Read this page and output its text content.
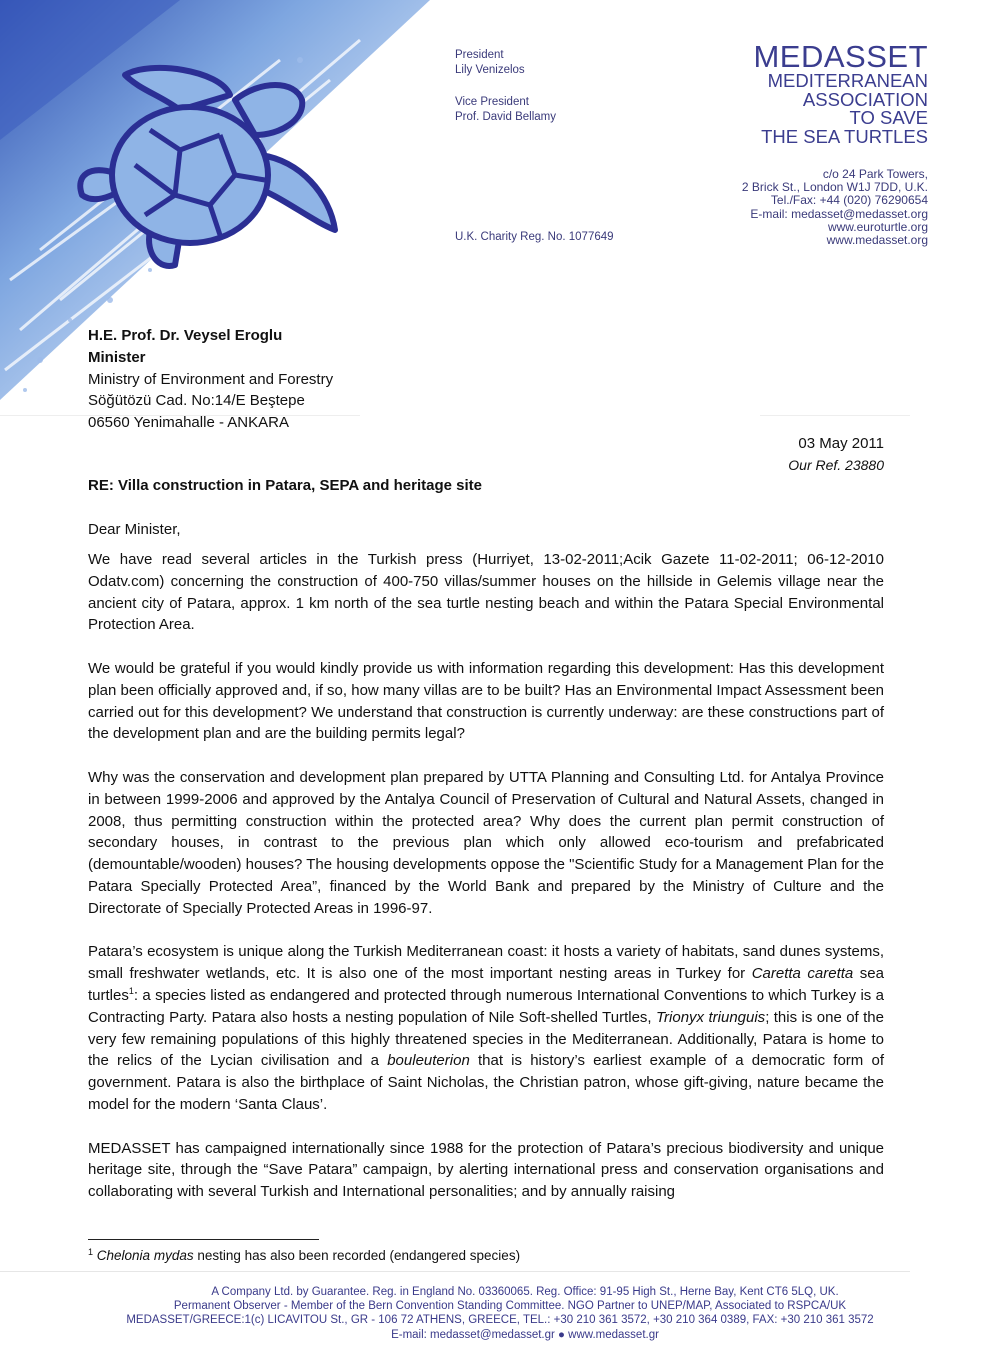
President
Lily Venizelos
Vice President
Prof. David Bellamy
U.K. Charity Reg. No. 1077649
MEDASSET
MEDITERRANEAN
ASSOCIATION
TO SAVE
THE SEA TURTLES
c/o 24 Park Towers,
2 Brick St., London W1J 7DD, U.K.
Tel./Fax: +44 (020) 76290654
E-mail: medasset@medasset.org
www.euroturtle.org
www.medasset.org
H.E. Prof. Dr. Veysel Eroglu
Minister
Ministry of Environment and Forestry
Söğütözü Cad. No:14/E Beştepe
06560 Yenimahalle - ANKARA
03 May 2011
Our Ref. 23880
RE: Villa construction in Patara, SEPA and heritage site
Dear Minister,

We have read several articles in the Turkish press (Hurriyet, 13-02-2011;Acik Gazete 11-02-2011; 06-12-2010 Odatv.com) concerning the construction of 400-750 villas/summer houses on the hillside in Gelemis village near the ancient city of Patara, approx. 1 km north of the sea turtle nesting beach and within the Patara Special Environmental Protection Area.

We would be grateful if you would kindly provide us with information regarding this development: Has this development plan been officially approved and, if so, how many villas are to be built? Has an Environmental Impact Assessment been carried out for this development? We understand that construction is currently underway: are these constructions part of the development plan and are the building permits legal?

Why was the conservation and development plan prepared by UTTA Planning and Consulting Ltd. for Antalya Province in between 1999-2006 and approved by the Antalya Council of Preservation of Cultural and Natural Assets, changed in 2008, thus permitting construction within the protected area? Why does the current plan permit construction of secondary houses, in contrast to the previous plan which only allowed eco-tourism and prefabricated (demountable/wooden) houses? The housing developments oppose the "Scientific Study for a Management Plan for the Patara Specially Protected Area”, financed by the World Bank and prepared by the Ministry of Culture and the Directorate of Specially Protected Areas in 1996-97.

Patara’s ecosystem is unique along the Turkish Mediterranean coast: it hosts a variety of habitats, sand dunes systems, small freshwater wetlands, etc. It is also one of the most important nesting areas in Turkey for Caretta caretta sea turtles$^1$: a species listed as endangered and protected through numerous International Conventions to which Turkey is a Contracting Party. Patara also hosts a nesting population of Nile Soft-shelled Turtles, Trionyx triunguis; this is one of the very few remaining populations of this highly threatened species in the Mediterranean. Additionally, Patara is home to the relics of the Lycian civilisation and a bouleuterion that is history’s earliest example of a democratic form of government. Patara is also the birthplace of Saint Nicholas, the Christian patron, whose gift-giving, nature became the model for the modern ‘Santa Claus’.

MEDASSET has campaigned internationally since 1988 for the protection of Patara’s precious biodiversity and unique heritage site, through the “Save Patara” campaign, by alerting international press and conservation organisations and collaborating with several Turkish and International personalities; and by annually raising

$^1$ Chelonia mydas nesting has also been recorded (endangered species)
A Company Ltd. by Guarantee. Reg. in England No. 03360065. Reg. Office: 91-95 High St., Herne Bay, Kent CT6 5LQ, UK.
Permanent Observer - Member of the Bern Convention Standing Committee. NGO Partner to UNEP/MAP, Associated to RSPCA/UK
MEDASSET/GREECE:1(c) LICAVITOU St., GR - 106 72 ATHENS, GREECE, TEL.: +30 210 361 3572, +30 210 364 0389, FAX: +30 210 361 3572
E-mail: medasset@medasset.gr ● www.medasset.gr
